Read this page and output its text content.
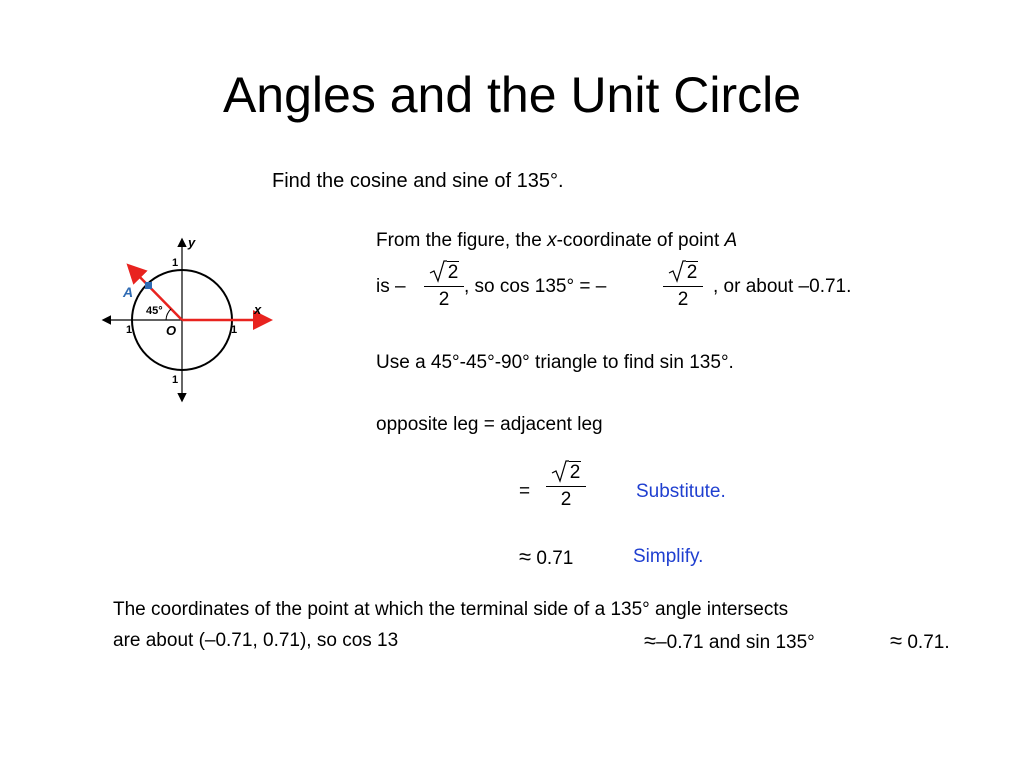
Angles and the Unit Circle
Find the cosine and sine of 135°.
y
x
O
A
45°
1
1
1	1
From the figure, the x-coordinate of point A
is –
2
2
, so cos 135° = –
2
2
, or about –0.71.
Use a 45°-45°-90° triangle to find sin 135°.
opposite leg = adjacent leg
=
2
2	Substitute.
≈ 0.71	Simplify.
The coordinates of the point at which the terminal side of a 135° angle intersects
are about (–0.71, 0.71), so cos 13	≈–0.71 and sin 135°	≈ 0.71.
